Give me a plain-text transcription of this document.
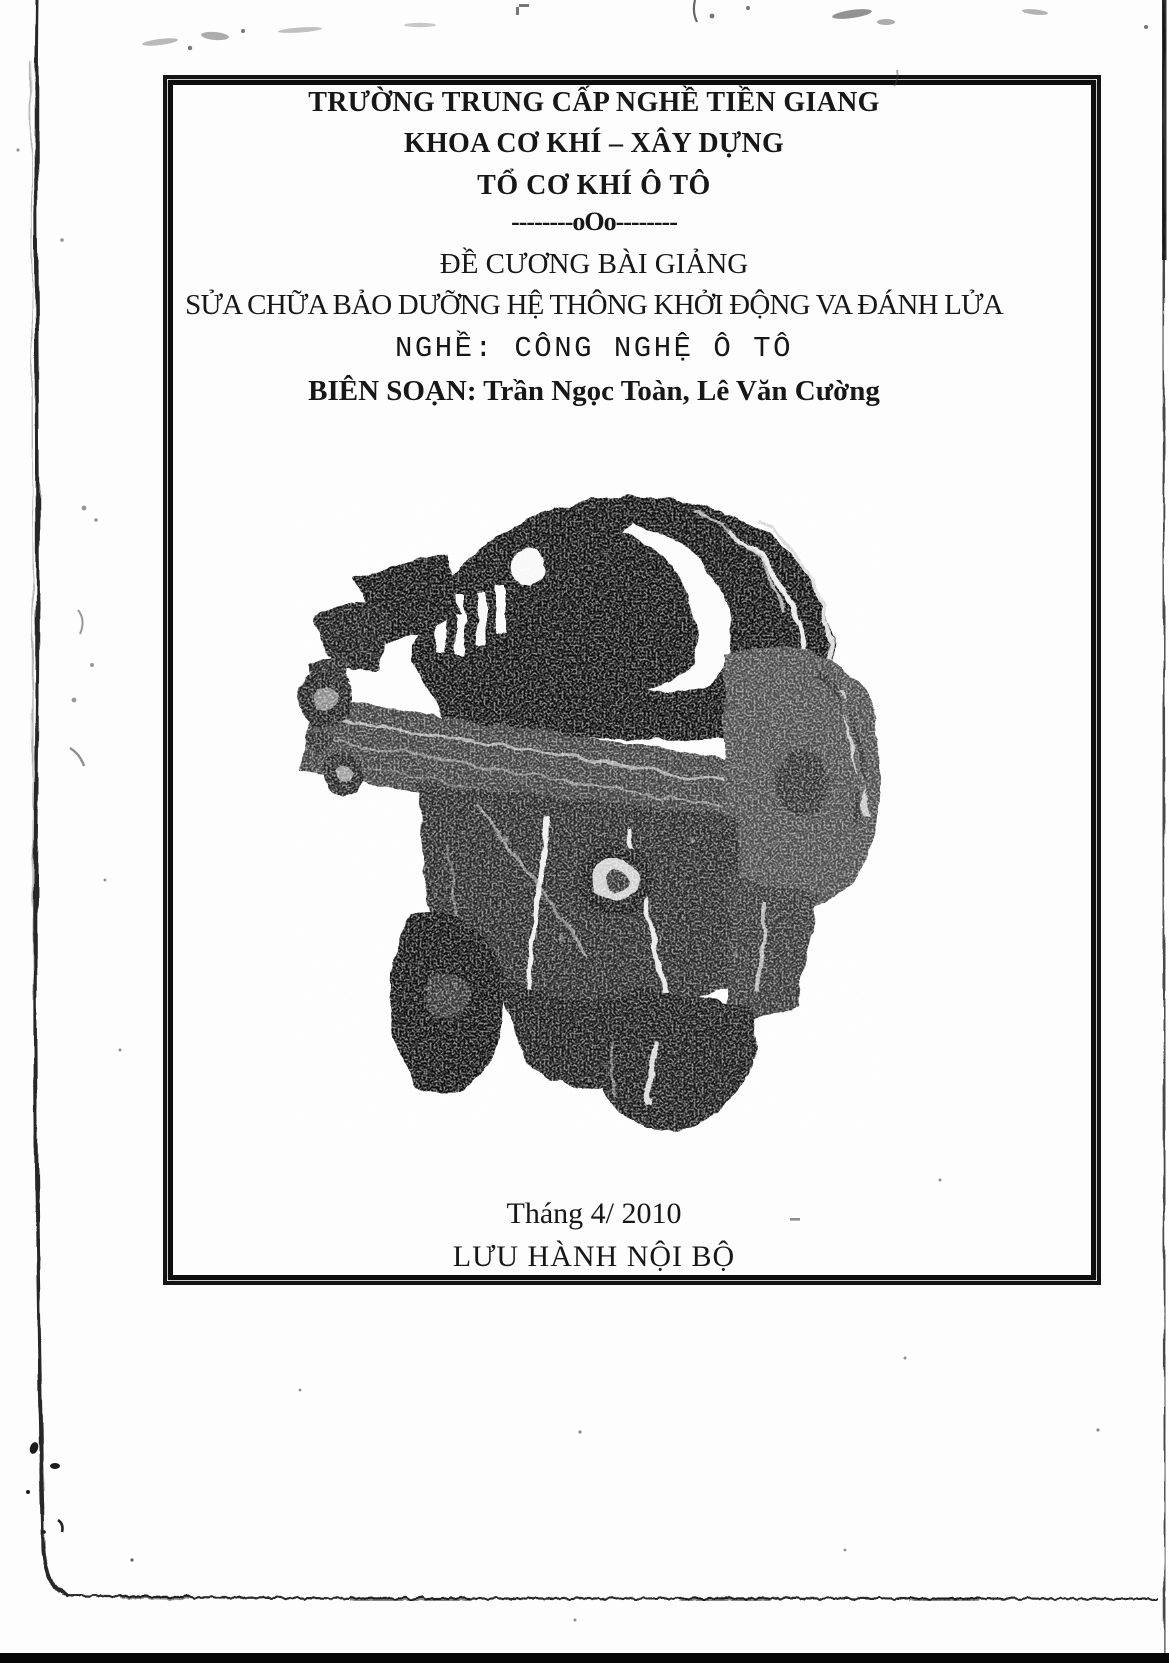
TRƯỜNG TRUNG CẤP NGHỀ TIỀN GIANG
KHOA CƠ KHÍ – XÂY DỰNG
TỔ CƠ KHÍ Ô TÔ
--------oOo--------
ĐỀ CƯƠNG BÀI GIẢNG
SỬA CHỮA BẢO DƯỠNG HỆ THÔNG KHỞI ĐỘNG VA ĐÁNH LỬA
NGHỀ: CÔNG NGHỆ Ô TÔ
BIÊN SOẠN: Trần Ngọc Toàn, Lê Văn Cường
Tháng 4/ 2010
LƯU HÀNH NỘI BỘ
